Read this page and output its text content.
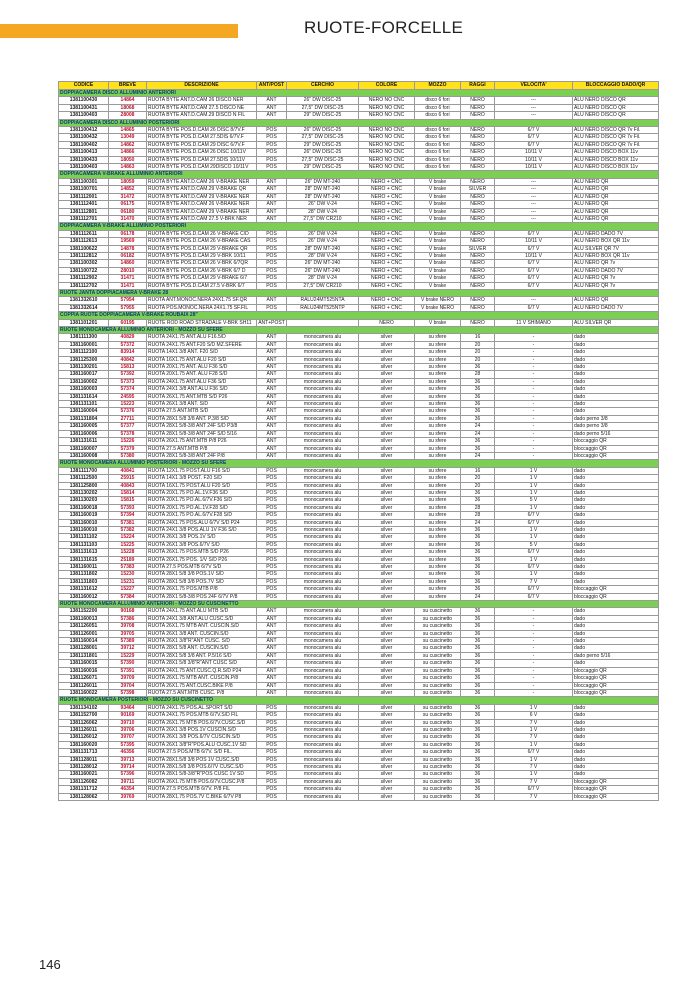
RUOTE-FORCELLE
CODICE	BREVE	DESCRIZIONE	ANT/POST	CERCHIO	COLORE	MOZZO	RAGGI	VELOCITA'	BLOCCAGGIO DADO/QR
DOPPIACAMERA DISCO ALLUMINIO ANTERIORI									
1381100430	14864	RUOTA BYTE ANT.D.CAM 26 DISCO NER	ANT	26" DW DISC-25	NERO NO CNC	disco 6 fori	NERO	---	ALU NERO DISCO QR
1381100431	18068	RUOTA BYTE ANT.D.CAM 27.5 DISCO NE	ANT	27,5" DW DISC-25	NERO NO CNC	disco 6 fori	NERO	---	ALU NERO DISCO QR
1381100403	28008	RUOTA BYTE ANT.D.CAM.29 DISCO N FIL	ANT	29" DW DISC-25	NERO NO CNC	disco 6 fori	NERO	---	ALU NERO DISCO QR
DOPPIACAMERA DISCO ALLUMINIO POSTERIORI									
1381100412	14865	RUOTA BYTE POS.D.CAM 26 DISC 8/7V.F	POS	26" DW DISC-25	NERO NO CNC	disco 6 fori	NERO	6/7 V	ALU NERO DISCO QR 7v Fil.
1381100432	13049	RUOTA BYTE POS.D.CAM 27.5DIS 6/7V.F	POS	27,5" DW DISC-25	NERO NO CNC	disco 6 fori	NERO	6/7 V	ALU NERO DISCO QR 7v Fil.
1381100402	14862	RUOTA BYTE POS.D.CAM 29 DISC 6/7V.F	POS	29" DW DISC-25	NERO NO CNC	disco 6 fori	NERO	6/7 V	ALU NERO DISCO QR 7v Fil.
1381100413	14866	RUOTA BYTE POS.D.CAM 26 DISC 10/11V	POS	26" DW DISC-25	NERO NO CNC	disco 6 fori	NERO	10/11 V	ALU NERO DISCO BOX 11v
1381100433	18050	RUOTA BYTE POS.D.CAM 27.5DIS 10/11V	POS	27,5" DW DISC-25	NERO NO CNC	disco 6 fori	NERO	10/11 V	ALU NERO DISCO BOX 11v
1381100403	14863	RUOTA BYTE POS.D.CAM 29DISCO 10/11V	POS	29" DW DISC-25	NERO NO CNC	disco 6 fori	NERO	10/11 V	ALU NERO DISCO BOX 11v
DOPPIACAMERA V-BRAKE ALLUMINIO ANTERIORI									
1381100301	18059	RUOTA BYTE ANT.D.CAM 26 V-BRAKE NER	ANT	26" DW MT-240	NERO + CNC	V brake	NERO	---	ALU NERO QR
1381100701	14852	RUOTA BYTE ANT.D.CAM.29 V-BRAKE QR	ANT	28" DW MT-240	NERO + CNC	V brake	SILVER	---	ALU NERO QR
1381112001	31472	RUOTA BYTE ANT.D.CAM 29 V-BRAKE NER	ANT	28" DW MT-240	NERO + CNC	V brake	NERO	---	ALU NERO QR
1381112401	06175	RUOTA BYTE ANT.D.CAM 26 V-BRAKE NER	ANT	26" DW V-24	NERO + CNC	V brake	NERO	---	ALU NERO QR
1381112801	06180	RUOTA BYTE ANT.D.CAM 29 V-BRAKE NER	ANT	28" DW V-24	NERO + CNC	V brake	NERO	---	ALU NERO QR
1381112701	31470	RUOTA BYTE ANT.D.CAM 27.5 V-BRK NER	ANT	27,5" DW CR210	NERO + CNC	V brake	NERO	---	ALU NERO QR
DOPPIACAMERA V-BRAKE ALLUMINIO POSTERIORI									
1381112611	06178	RUOTA BYTE POS.D.CAM 26 V-BRAKE C/D	POS	26" DW V-24	NERO + CNC	V brake	NERO	6/7 V	ALU NERO DADO 7V
1381112613	19569	RUOTA BYTE POS.D.CAM 26 V-BRAKE CAS	POS	26" DW V-24	NERO + CNC	V brake	NERO	10/11 V	ALU NERO BOX QR 11v
1381100622	14878	RUOTA BYTE POS.D.CAM 29 V-BRAKE QR	POS	28" DW MT-240	NERO + CNC	V brake	SILVER	6/7 V	ALU SILVER QR 7V
1381112812	06182	RUOTA BYTE POS.D.CAM 29 V-BRK 10/11	POS	28" DW V-24	NERO + CNC	V brake	NERO	10/11 V	ALU NERO BOX QR 11v
1381100302	14860	RUOTA BYTE POS.D.CAM 26 V-BRK 6/7QR	POS	26" DW MT-240	NERO + CNC	V brake	NERO	6/7 V	ALU NERO QR 7v
1381100722	28010	RUOTA BYTE POS.D.CAM 26 V-BRK 6/7 D	POS	26" DW MT-240	NERO + CNC	V brake	NERO	6/7 V	ALU NERO DADO 7V
1381112902	31471	RUOTA BYTE POS.D.CAM 29 V-BRAKE 6/7	POS	28" DW V-24	NERO + CNC	V brake	NERO	6/7 V	ALU NERO QR 7v
1381112702	31471	RUOTA BYTE POS.D.CAM 27.5 V-BRK 6/7	POS	27,5" DW CR210	NERO + CNC	V brake	NERO	6/7 V	ALU NERO QR 7v
RUOTE JANTA DOPPIACAMERA V-BRAKE 28									
1381332610	57954	RUOTA ANT.MONOC.NERA 24X1.75 SF.QR	ANT	RALU24MT525NTA	NERO + CNC	V brake NERO	NERO	---	ALU NERO QR
1381332614	57955	RUOTA POS.MONOC.NERA 24X1.75 SF.FIL	POS	RALU24MT525NTP	NERO + CNC	V brake NERO	NERO	6/7 V	ALU NERO DADO 7V
COPPIA RUOTE DOPPIACAMERA V-BRAKE ROUBAIX 28"									
1381101201	60195	RUOTE ROD ROAD STRADALE V-BRK SH11	ANT+POST		NERO	V brake	NERO	11 V SHIMANO	ALU SILVER QR
RUOTE MONOCAMERA ALLUMINIO ANTERIORI - MOZZO SU SFERE									
1381111300	40829	RUOTA 24X1.75 ANT.ALU F16.5/D	ANT	monocamera alu	silver	su sfere	16	-	dado
1381160001	57372	RUOTA 24X1.75 ANT.F20 S/D MZ.SFERE	ANT	monocamera alu	silver	su sfere	20	-	dado
1381112100	83914	RUOTA 14X1 3/8 ANT. F20 S/D	ANT	monocamera alu	silver	su sfere	20	-	dado
1381125300	40842	RUOTA 16X1.75 ANT.ALU F20 S/D	ANT	monocamera alu	silver	su sfere	20	-	dado
1381130201	15813	RUOTA 20X1.75 ANT. ALU F36 S/D	ANT	monocamera alu	silver	su sfere	36	-	dado
1381160017	57392	RUOTA 20X1.75 ANT. ALU F28 S/D	ANT	monocamera alu	silver	su sfere	28	-	dado
1381160002	57373	RUOTA 24X1.75 ANT.ALU F36 S/D	ANT	monocamera alu	silver	su sfere	36	-	dado
1381160003	57374	RUOTA 24X1 3/8 ANT.ALU F36 S/D	ANT	monocamera alu	silver	su sfere	36	-	dado
1381131614	24595	RUOTA 26X1.75 ANT.MTB S/D P26	ANT	monocamera alu	silver	su sfere	36	-	dado
1381131101	15223	RUOTA 26X1 3/8 ANT. S/D	ANT	monocamera alu	silver	su sfere	36	-	dado
1381160004	57376	RUOTA 27.5 ANT.MTB S/D	ANT	monocamera alu	silver	su sfere	36	-	dado
1381131804	27711	RUOTA 28X1 5/8 3/8 ANT. P.3/8 S/D	ANT	monocamera alu	silver	su sfere	36	-	dado perno 3/8
1381160005	57377	RUOTA 28X1 5/8-3/8 ANT 24F S/D P3/8	ANT	monocamera alu	silver	su sfere	24	-	dado perno 3/8
1381160006	57378	RUOTA 28X1 5/8-3/8 ANT 24F S/D 5/16	ANT	monocamera alu	silver	su sfere	24	-	dado perno 5/16
1381131611	15226	RUOTA 26X1.75 ANT.MTB P/8 P26	ANT	monocamera alu	silver	su sfere	36	-	bloccaggio QR
1381160007	57379	RUOTA 27.5 ANT.MTB P/8	ANT	monocamera alu	silver	su sfere	36	-	bloccaggio QR
1381160008	57380	RUOTA 28X1 5/8-3/8 ANT 24F P/8	ANT	monocamera alu	silver	su sfere	24	-	bloccaggio QR
RUOTE MONOCAMERA ALLUMINIO POSTERIORI - MOZZO SU SFERE									
1381111700	40841	RUOTA 12X1.75 POST.ALU F16 S/D	POS	monocamera alu	silver	su sfere	16	1 V	dado
1381112500	25915	RUOTA 14X1 3/8 POST. F20 S/D	POS	monocamera alu	silver	su sfere	20	1 V	dado
1381125800	40843	RUOTA 16X1.75 POST.ALU F20 S/D	POS	monocamera alu	silver	su sfere	20	1 V	dado
1381130202	15814	RUOTA 20X1.75 PO.AL.1V.F36 S/D	POS	monocamera alu	silver	su sfere	36	1 V	dado
1381130203	15815	RUOTA 20X1.75 PO.AL.6/7V.F36 S/D	POS	monocamera alu	silver	su sfere	36	5 V	dado
1381160018	57393	RUOTA 20X1.75 PO.AL.1V.F28 S/D	POS	monocamera alu	silver	su sfere	28	1 V	dado
1381160019	57394	RUOTA 20X1.75 PO.AL.6/7V.F28 S/D	POS	monocamera alu	silver	su sfere	28	6/7 V	dado
1381160010	57381	RUOTA 24X1.75 POS.ALU 6/7V S/D P24	POS	monocamera alu	silver	su sfere	24	6/7 V	dado
1381160010	57382	RUOTA 24X1 3/8 POS.ALU 1V F36 S/D	POS	monocamera alu	silver	su sfere	36	1 V	dado
1381131102	15224	RUOTA 26X1 3/8 POS.1V S/D	POS	monocamera alu	silver	su sfere	36	1 V	dado
1381131103	15225	RUOTA 26X1 3/8 POS.6/7V S/D	POS	monocamera alu	silver	su sfere	36	5 V	dado
1381131613	15228	RUOTA 26X1.75 POS.MTB S/D P26	POS	monocamera alu	silver	su sfere	36	6/7 V	dado
1381131615	25189	RUOTA 26X1.75 POS. 1/V S/D P26	POS	monocamera alu	silver	su sfere	36	1 V	dado
1381160011	57383	RUOTA 27.5 POS.MTB 6/7V S/D	POS	monocamera alu	silver	su sfere	36	6/7 V	dado
1381131802	15230	RUOTA 28X1 5/8 3/8 POS.1V S/D	POS	monocamera alu	silver	su sfere	36	1 V	dado
1381131803	15231	RUOTA 28X1 5/8 3/8 POS.7V S/D	POS	monocamera alu	silver	su sfere	36	7 V	dado
1381131612	15227	RUOTA 26X1.75 POS.MTB P/8	POS	monocamera alu	silver	su sfere	36	6/7 V	bloccaggio QR
1381160012	57384	RUOTA 28X1 5/8-3/8 POS 24F 6/7V P/8	POS	monocamera alu	silver	su sfere	24	6/7 V	bloccaggio QR
RUOTE MONOCAMERA ALLUMINIO ANTERIORI - MOZZO SU CUSCINETTO									
1381152200	90168	RUOTA 24X1.75 ANT.ALU MTB S/D	ANT	monocamera alu	silver	su cuscinetto	36	-	dado
1381160013	57386	RUOTA 24X1 3/8 ANT.ALU CUSC.S/D	ANT	monocamera alu	silver	su cuscinetto	36	-	dado
1381126051	39708	RUOTA 26X1.75 MTB ANT. CUSCIN.S/D	ANT	monocamera alu	silver	su cuscinetto	36	-	dado
1381126001	39705	RUOTA 26X1 3/8 ANT. CUSCIN.S/D	ANT	monocamera alu	silver	su cuscinetto	36	-	dado
1381160014	57389	RUOTA 26X1 3/8"R"ANT CUSC. S/D	ANT	monocamera alu	silver	su cuscinetto	36	-	dado
1381128001	39712	RUOTA 28X1 5/8 ANT. CUSCIN.S/D	ANT	monocamera alu	silver	su cuscinetto	36	-	dado
1381131801	15229	RUOTA 28X1 5/8 3/8 ANT. P.5/16 S/D	ANT	monocamera alu	silver	su cuscinetto	36	-	dado perno 5/16
1381160015	57390	RUOTA 28X1 5/8 3/8"R"ANT CUSC S/D	ANT	monocamera alu	silver	su cuscinetto	36	-	dado
1381160016	57391	RUOTA 24X1.75 ANT.CUSC.Q.R.S/D P24	ANT	monocamera alu	silver	su cuscinetto	36	-	bloccaggio QR
1381126071	39709	RUOTA 26X1.75 MTB ANT. CUSCIN.P/8	ANT	monocamera alu	silver	su cuscinetto	36	-	bloccaggio QR
1381126011	39704	RUOTA 26X1.75 ANT.CUSC.BIKE P/8	ANT	monocamera alu	silver	su cuscinetto	36	-	bloccaggio QR
1381160022	57398	RUOTA 27.5 ANT.MTB CUSC. P/8	ANT	monocamera alu	silver	su cuscinetto	36	-	bloccaggio QR
RUOTE MONOCAMERA POSTERIORI - MOZZO SU CUSCINETTO									
1381134102	93464	RUOTA 24X1.75 POS.AL.SPORT S/D	POS	monocamera alu	silver	su cuscinetto	36	1 V	dado
1381152700	90169	RUOTA 24X1.75 POS.MTB 6/7V.S/D FIL	POS	monocamera alu	silver	su cuscinetto	36	6 V	dado
1381126062	39710	RUOTA 26X1.75 MTB POS.6/7V.CUSC.S/D	POS	monocamera alu	silver	su cuscinetto	36	7 V	dado
1381126011	39706	RUOTA 26X1 3/8 POS.1V CUSCIN.S/D	POS	monocamera alu	silver	su cuscinetto	36	1 V	dado
1381126012	39707	RUOTA 26X1 3/8 POS.6/7V CUSCIN.S/D	POS	monocamera alu	silver	su cuscinetto	36	7 V	dado
1381160020	57395	RUOTA 26X1 3/8"R"POS.ALU CUSC.1V SD	POS	monocamera alu	silver	su cuscinetto	36	1 V	dado
1381131713	46356	RUOTA 27.5 POS.MTB 6/7V. S/D FIL.	POS	monocamera alu	silver	su cuscinetto	36	6/7 V	dado
1381128011	39713	RUOTA 28X1.5/8 3/8 POS 1V CUSC.S/D	POS	monocamera alu	silver	su cuscinetto	36	1 V	dado
1381128012	39714	RUOTA 28X1.5/8 3/8 POS.6/7V CUSC.S/D	POS	monocamera alu	silver	su cuscinetto	36	7 V	dado
1381160021	57396	RUOTA 28X1 5/8-3/8"R"POS CUSC 1V SD	POS	monocamera alu	silver	su cuscinetto	36	1 V	dado
1381126082	39711	RUOTA 26X1.75 MTB POS.6/7V.CUSC.P/8	POS	monocamera alu	silver	su cuscinetto	36	7 V	bloccaggio QR
1381131712	46354	RUOTA 27.5 POS.MTB 6/7V. P/8 FIL	POS	monocamera alu	silver	su cuscinetto	36	6/7 V	bloccaggio QR
1381128062	39769	RUOTA 28X1.75 POS.7V C.BIKE 6/7V P8	POS	monocamera alu	silver	su cuscinetto	36	7 V	bloccaggio QR
146
